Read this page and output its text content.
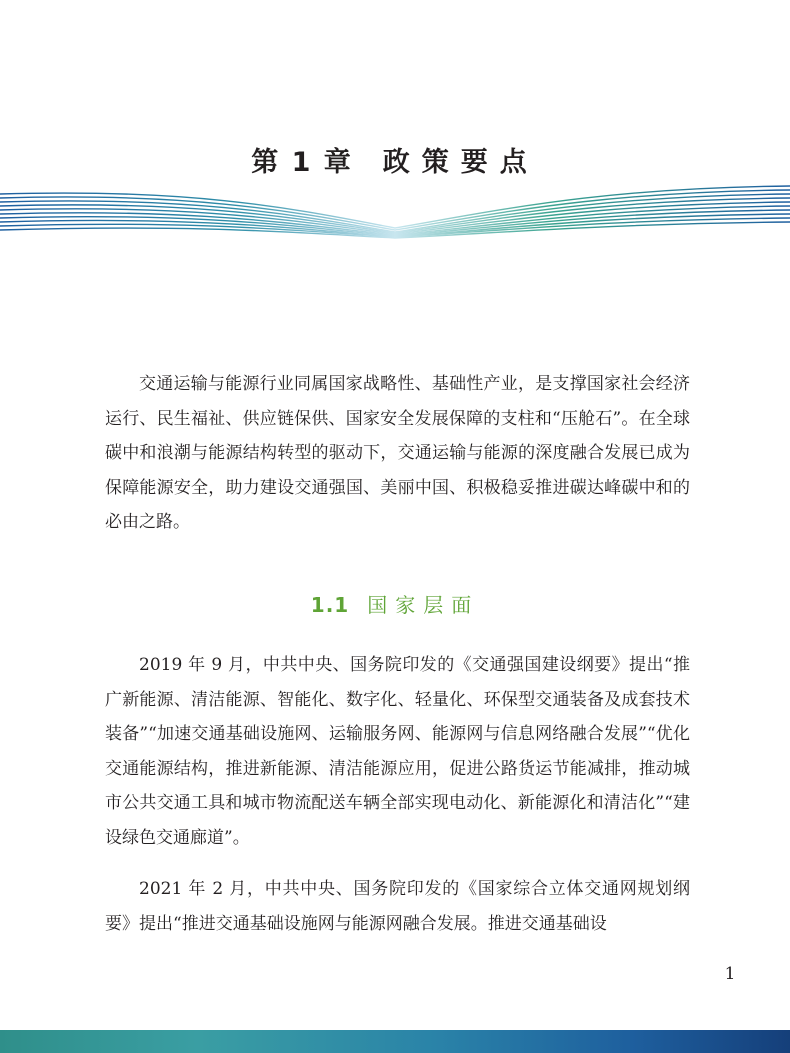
第 1 章 政策要点

交通运输与能源行业同属国家战略性、基础性产业，是支撑国家社会经济运行、民生福祉、供应链保供、国家安全发展保障的支柱和“压舱石”。在全球碳中和浪潮与能源结构转型的驱动下，交通运输与能源的深度融合发展已成为保障能源安全，助力建设交通强国、美丽中国、积极稳妥推进碳达峰碳中和的必由之路。

1.1 国家层面

2019 年 9 月，中共中央、国务院印发的《交通强国建设纲要》提出“推广新能源、清洁能源、智能化、数字化、轻量化、环保型交通装备及成套技术装备”“加速交通基础设施网、运输服务网、能源网与信息网络融合发展”“优化交通能源结构，推进新能源、清洁能源应用，促进公路货运节能减排，推动城市公共交通工具和城市物流配送车辆全部实现电动化、新能源化和清洁化”“建设绿色交通廊道”。

2021 年 2 月，中共中央、国务院印发的《国家综合立体交通网规划纲要》提出“推进交通基础设施网与能源网融合发展。推进交通基础设

1
